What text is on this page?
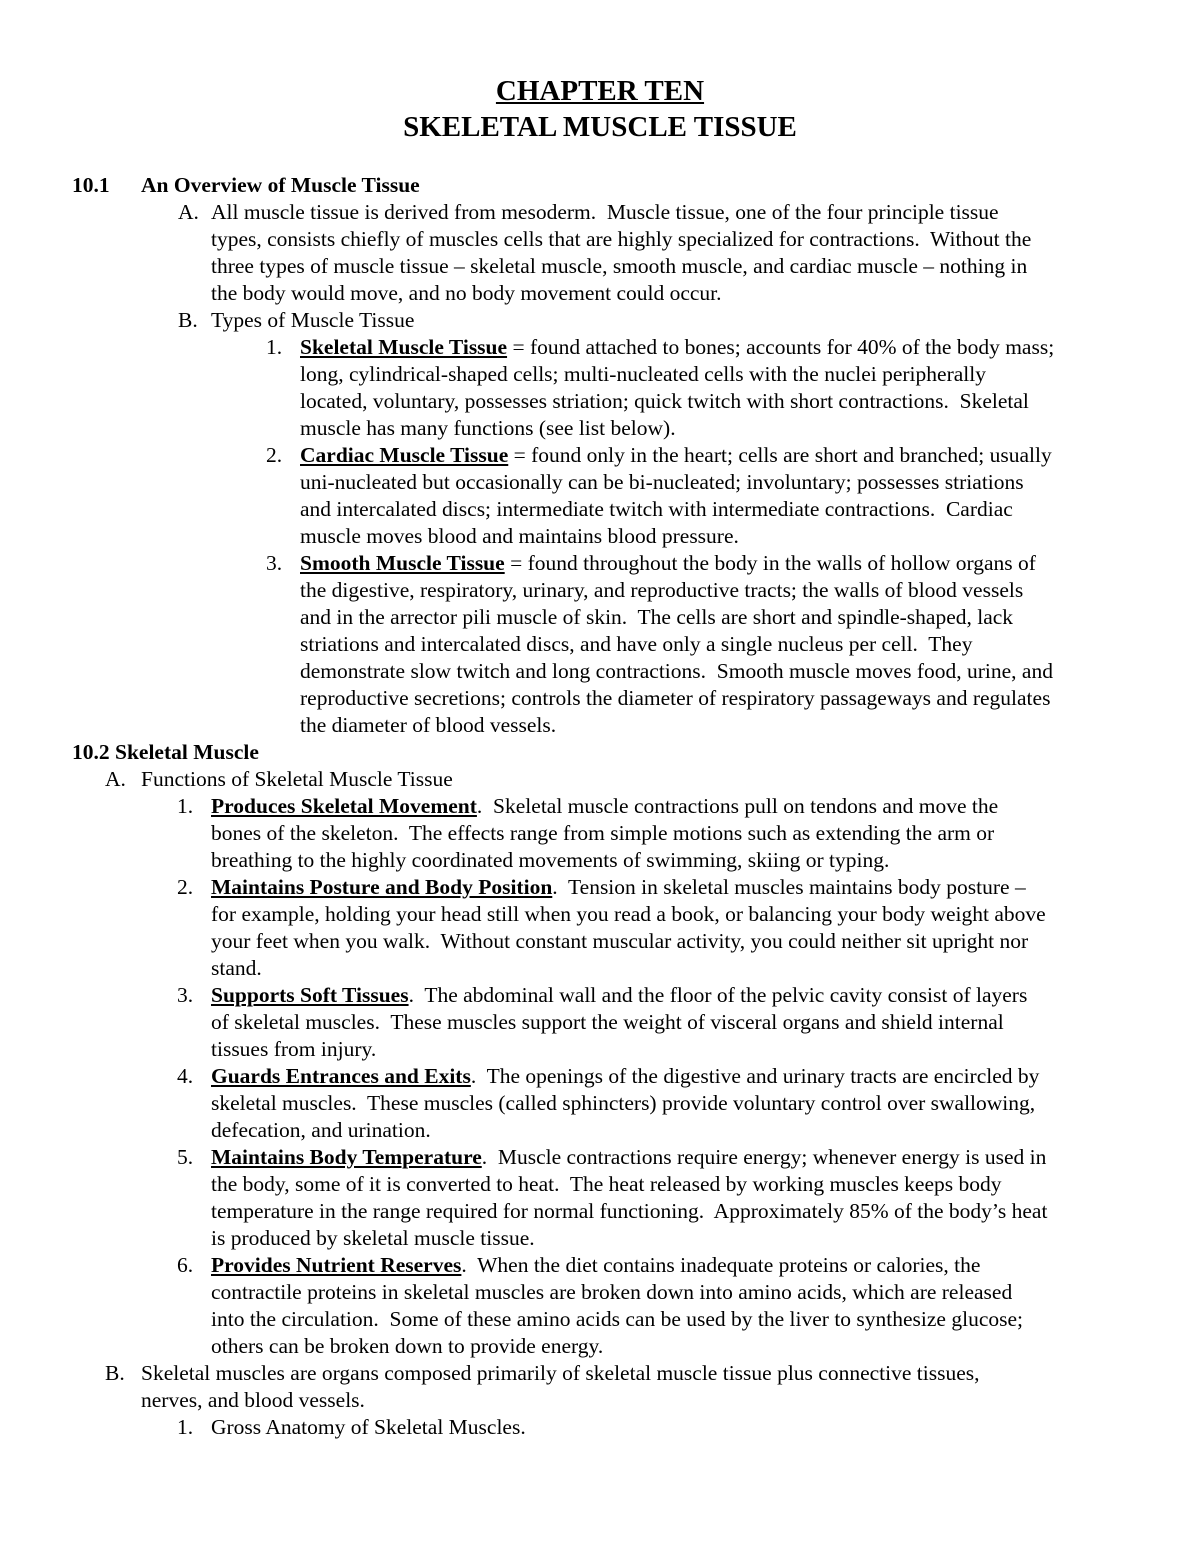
CHAPTER TEN
SKELETAL MUSCLE TISSUE
10.1 An Overview of Muscle Tissue
A. All muscle tissue is derived from mesoderm.  Muscle tissue, one of the four principle tissue
types, consists chiefly of muscles cells that are highly specialized for contractions.  Without the
three types of muscle tissue – skeletal muscle, smooth muscle, and cardiac muscle – nothing in
the body would move, and no body movement could occur.
B. Types of Muscle Tissue
1. Skeletal Muscle Tissue = found attached to bones; accounts for 40% of the body mass;
long, cylindrical-shaped cells; multi-nucleated cells with the nuclei peripherally
located, voluntary, possesses striation; quick twitch with short contractions.  Skeletal
muscle has many functions (see list below).
2. Cardiac Muscle Tissue = found only in the heart; cells are short and branched; usually
uni-nucleated but occasionally can be bi-nucleated; involuntary; possesses striations
and intercalated discs; intermediate twitch with intermediate contractions.  Cardiac
muscle moves blood and maintains blood pressure.
3. Smooth Muscle Tissue = found throughout the body in the walls of hollow organs of
the digestive, respiratory, urinary, and reproductive tracts; the walls of blood vessels
and in the arrector pili muscle of skin.  The cells are short and spindle-shaped, lack
striations and intercalated discs, and have only a single nucleus per cell.  They
demonstrate slow twitch and long contractions.  Smooth muscle moves food, urine, and
reproductive secretions; controls the diameter of respiratory passageways and regulates
the diameter of blood vessels.
10.2 Skeletal Muscle
A. Functions of Skeletal Muscle Tissue
1. Produces Skeletal Movement.  Skeletal muscle contractions pull on tendons and move the
bones of the skeleton.  The effects range from simple motions such as extending the arm or
breathing to the highly coordinated movements of swimming, skiing or typing.
2. Maintains Posture and Body Position.  Tension in skeletal muscles maintains body posture –
for example, holding your head still when you read a book, or balancing your body weight above
your feet when you walk.  Without constant muscular activity, you could neither sit upright nor
stand.
3. Supports Soft Tissues.  The abdominal wall and the floor of the pelvic cavity consist of layers
of skeletal muscles.  These muscles support the weight of visceral organs and shield internal
tissues from injury.
4. Guards Entrances and Exits.  The openings of the digestive and urinary tracts are encircled by
skeletal muscles.  These muscles (called sphincters) provide voluntary control over swallowing,
defecation, and urination.
5. Maintains Body Temperature.  Muscle contractions require energy; whenever energy is used in
the body, some of it is converted to heat.  The heat released by working muscles keeps body
temperature in the range required for normal functioning.  Approximately 85% of the body’s heat
is produced by skeletal muscle tissue.
6. Provides Nutrient Reserves.  When the diet contains inadequate proteins or calories, the
contractile proteins in skeletal muscles are broken down into amino acids, which are released
into the circulation.  Some of these amino acids can be used by the liver to synthesize glucose;
others can be broken down to provide energy.
B. Skeletal muscles are organs composed primarily of skeletal muscle tissue plus connective tissues,
nerves, and blood vessels.
1. Gross Anatomy of Skeletal Muscles.
